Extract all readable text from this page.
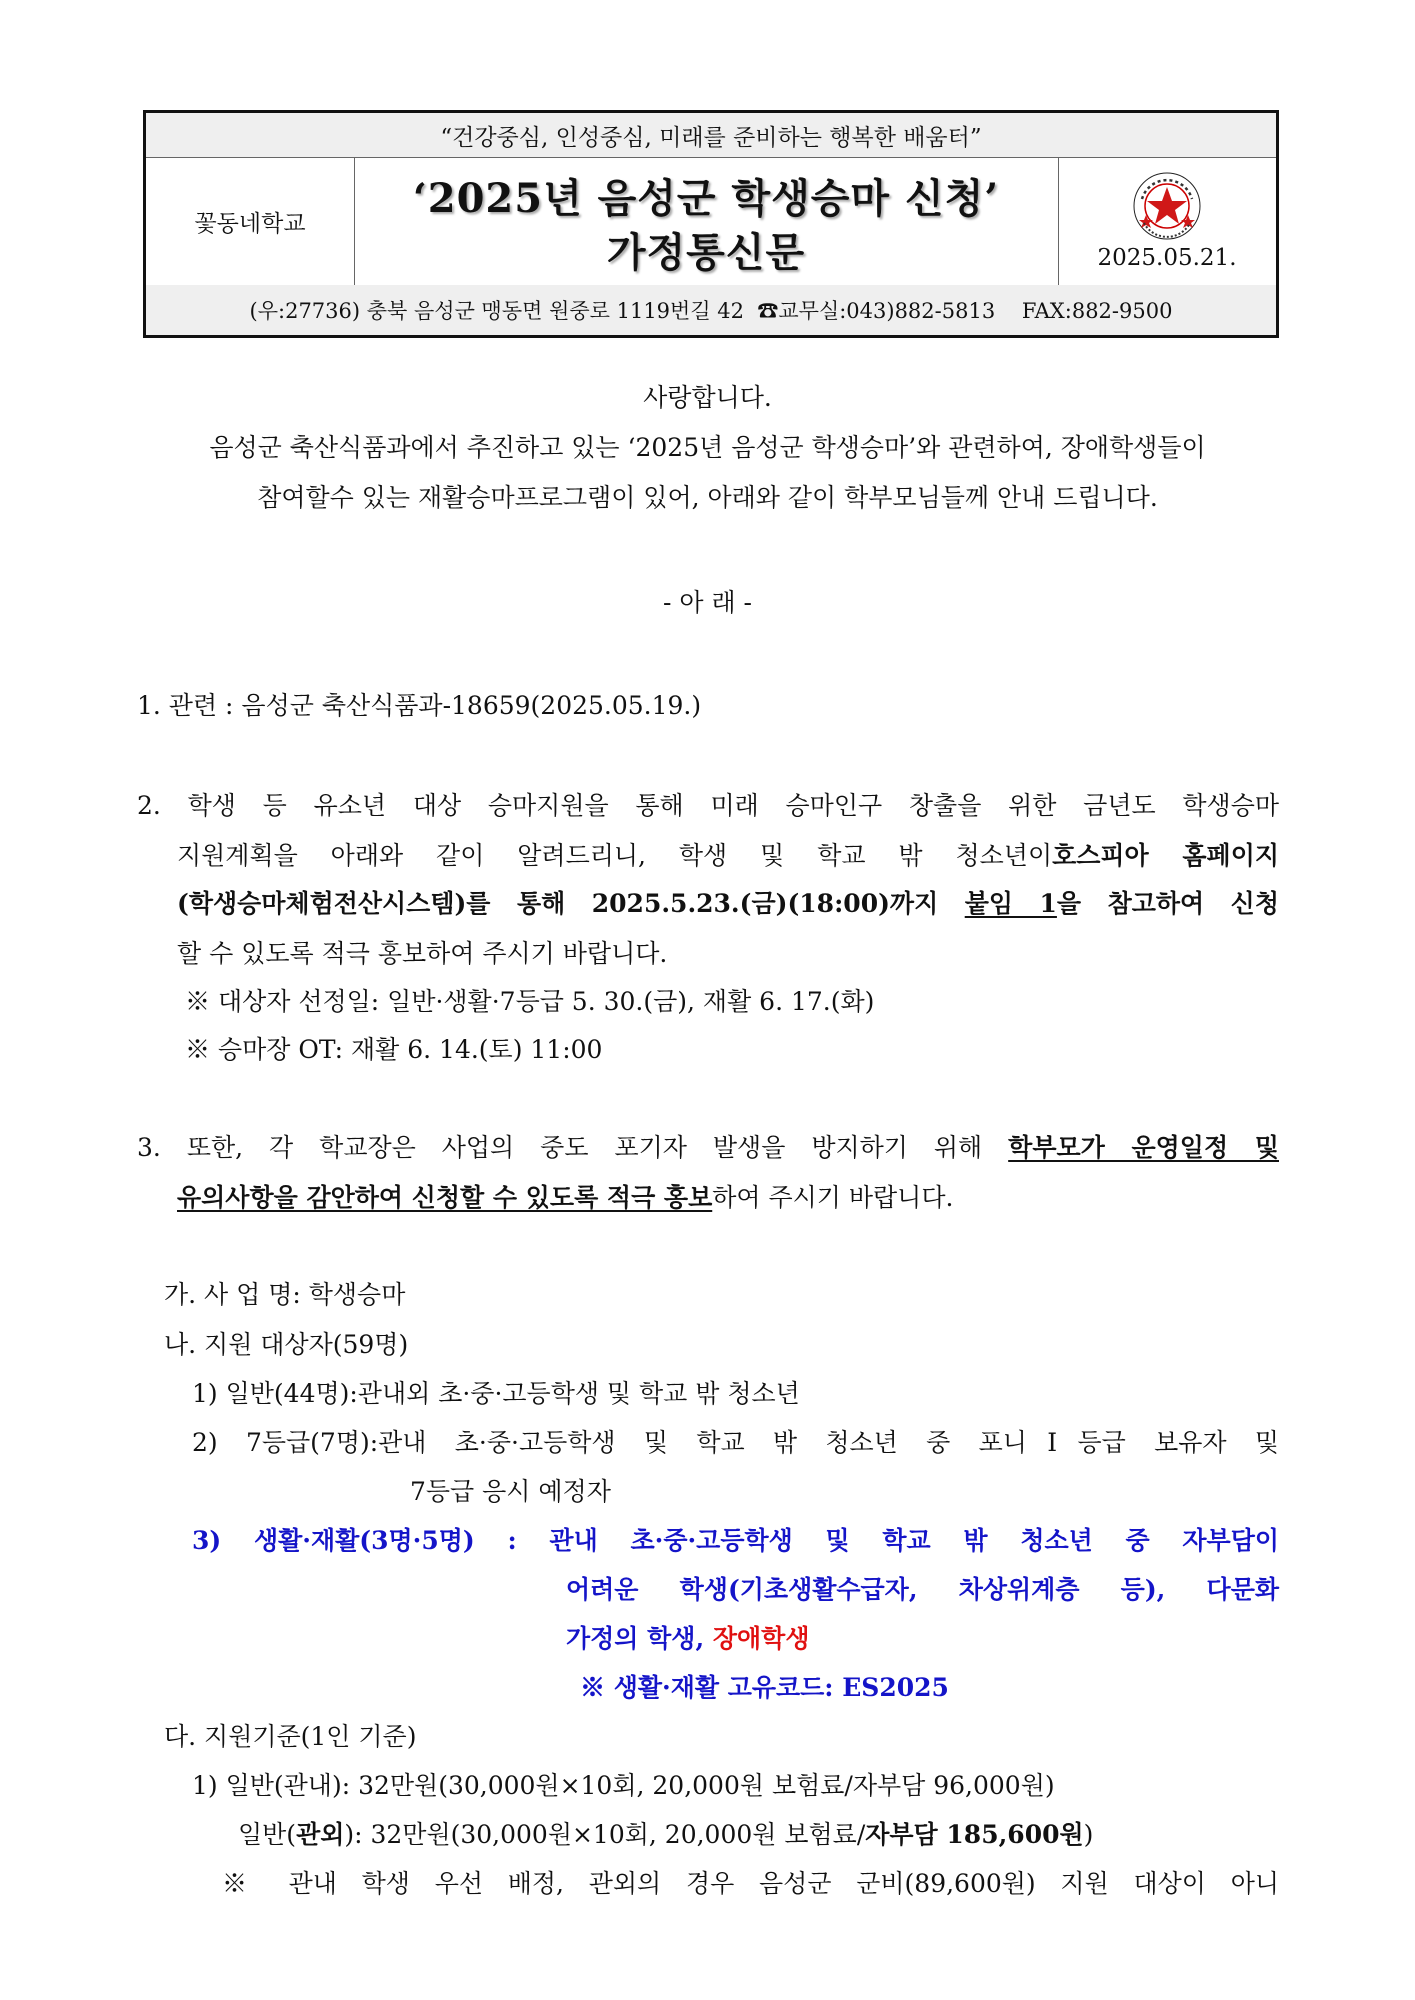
“건강중심, 인성중심, 미래를 준비하는 행복한 배움터”
꽃동네학교
‘2025년 음성군 학생승마 신청’
가정통신문	2025.05.21.
(우:27736) 충북 음성군 맹동면 원중로 1119번길 42  ☎교무실:043)882-5813    FAX:882-9500
사랑합니다.
음성군 축산식품과에서 추진하고 있는 ‘2025년 음성군 학생승마’와 관련하여, 장애학생들이
참여할수 있는 재활승마프로그램이 있어, 아래와 같이 학부모님들께 안내 드립니다.
- 아 래 -
1. 관련 : 음성군 축산식품과-18659(2025.05.19.)
2. 학생 등 유소년 대상 승마지원을 통해 미래 승마인구 창출을 위한 금년도 학생승마
지원계획을 아래와 같이 알려드리니, 학생 및 학교 밖 청소년이호스피아 홈페이지
(학생승마체험전산시스템)를 통해 2025.5.23.(금)(18:00)까지 붙임 1을 참고하여 신청
할 수 있도록 적극 홍보하여 주시기 바랍니다.
※ 대상자 선정일: 일반·생활·7등급 5. 30.(금), 재활 6. 17.(화)
※ 승마장 OT: 재활 6. 14.(토) 11:00
3. 또한, 각 학교장은 사업의 중도 포기자 발생을 방지하기 위해 학부모가 운영일정 및
유의사항을 감안하여 신청할 수 있도록 적극 홍보하여 주시기 바랍니다.
가. 사 업 명: 학생승마
나. 지원 대상자(59명)
1) 일반(44명):관내외 초·중·고등학생 및 학교 밖 청소년
2) 7등급(7명):관내 초·중·고등학생 및 학교 밖 청소년 중 포니Ⅰ등급 보유자 및
7등급 응시 예정자
3) 생활·재활(3명·5명) : 관내 초·중·고등학생 및 학교 밖 청소년 중 자부담이
어려운 학생(기초생활수급자, 차상위계층 등), 다문화
가정의 학생, 장애학생
※ 생활·재활 고유코드: ES2025
다. 지원기준(1인 기준)
1) 일반(관내): 32만원(30,000원×10회, 20,000원 보험료/자부담 96,000원)
일반(관외): 32만원(30,000원×10회, 20,000원 보험료/자부담 185,600원)
※ 관내 학생 우선 배정, 관외의 경우 음성군 군비(89,600원) 지원 대상이 아니
